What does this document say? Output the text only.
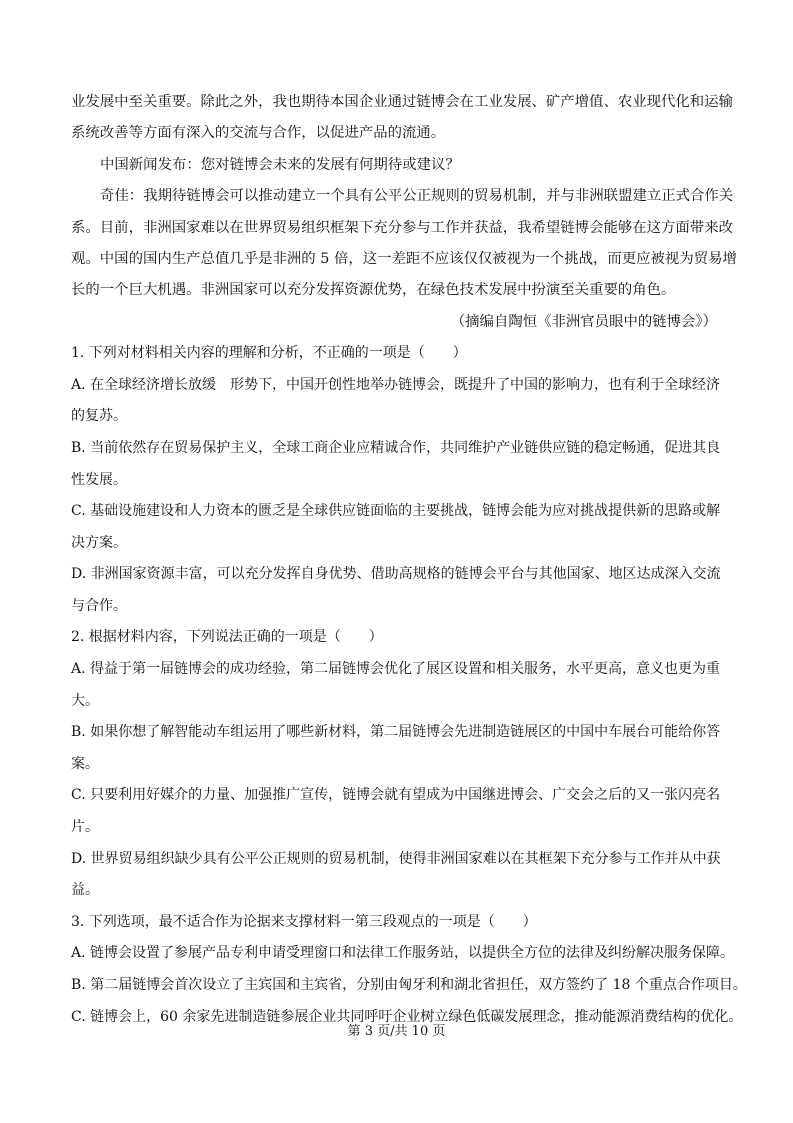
业发展中至关重要。除此之外，我也期待本国企业通过链博会在工业发展、矿产增值、农业现代化和运输
系统改善等方面有深入的交流与合作，以促进产品的流通。
中国新闻发布：您对链博会未来的发展有何期待或建议？
奇佳：我期待链博会可以推动建立一个具有公平公正规则的贸易机制，并与非洲联盟建立正式合作关
系。目前，非洲国家难以在世界贸易组织框架下充分参与工作并获益，我希望链博会能够在这方面带来改
观。中国的国内生产总值几乎是非洲的 5 倍，这一差距不应该仅仅被视为一个挑战，而更应被视为贸易增
长的一个巨大机遇。非洲国家可以充分发挥资源优势，在绿色技术发展中扮演至关重要的角色。
（摘编自陶恒《非洲官员眼中的链博会》）
1. 下列对材料相关内容的理解和分析，不正确的一项是（　　）
A. 在全球经济增长放缓　形势下，中国开创性地举办链博会，既提升了中国的影响力，也有利于全球经济
的复苏。
B. 当前依然存在贸易保护主义，全球工商企业应精诚合作，共同维护产业链供应链的稳定畅通，促进其良
性发展。
C. 基础设施建设和人力资本的匮乏是全球供应链面临的主要挑战，链博会能为应对挑战提供新的思路或解
决方案。
D. 非洲国家资源丰富，可以充分发挥自身优势、借助高规格的链博会平台与其他国家、地区达成深入交流
与合作。
2. 根据材料内容，下列说法正确的一项是（　　）
A. 得益于第一届链博会的成功经验，第二届链博会优化了展区设置和相关服务，水平更高，意义也更为重
大。
B. 如果你想了解智能动车组运用了哪些新材料，第二届链博会先进制造链展区的中国中车展台可能给你答
案。
C. 只要利用好媒介的力量、加强推广宣传，链博会就有望成为中国继进博会、广交会之后的又一张闪亮名
片。
D. 世界贸易组织缺少具有公平公正规则的贸易机制，使得非洲国家难以在其框架下充分参与工作并从中获
益。
3. 下列选项，最不适合作为论据来支撑材料一第三段观点的一项是（　　）
A. 链博会设置了参展产品专利申请受理窗口和法律工作服务站，以提供全方位的法律及纠纷解决服务保障。
B. 第二届链博会首次设立了主宾国和主宾省，分别由匈牙利和湖北省担任，双方签约了 18 个重点合作项目。
C. 链博会上，60 余家先进制造链参展企业共同呼吁企业树立绿色低碳发展理念，推动能源消费结构的优化。
第 3 页/共 10 页
